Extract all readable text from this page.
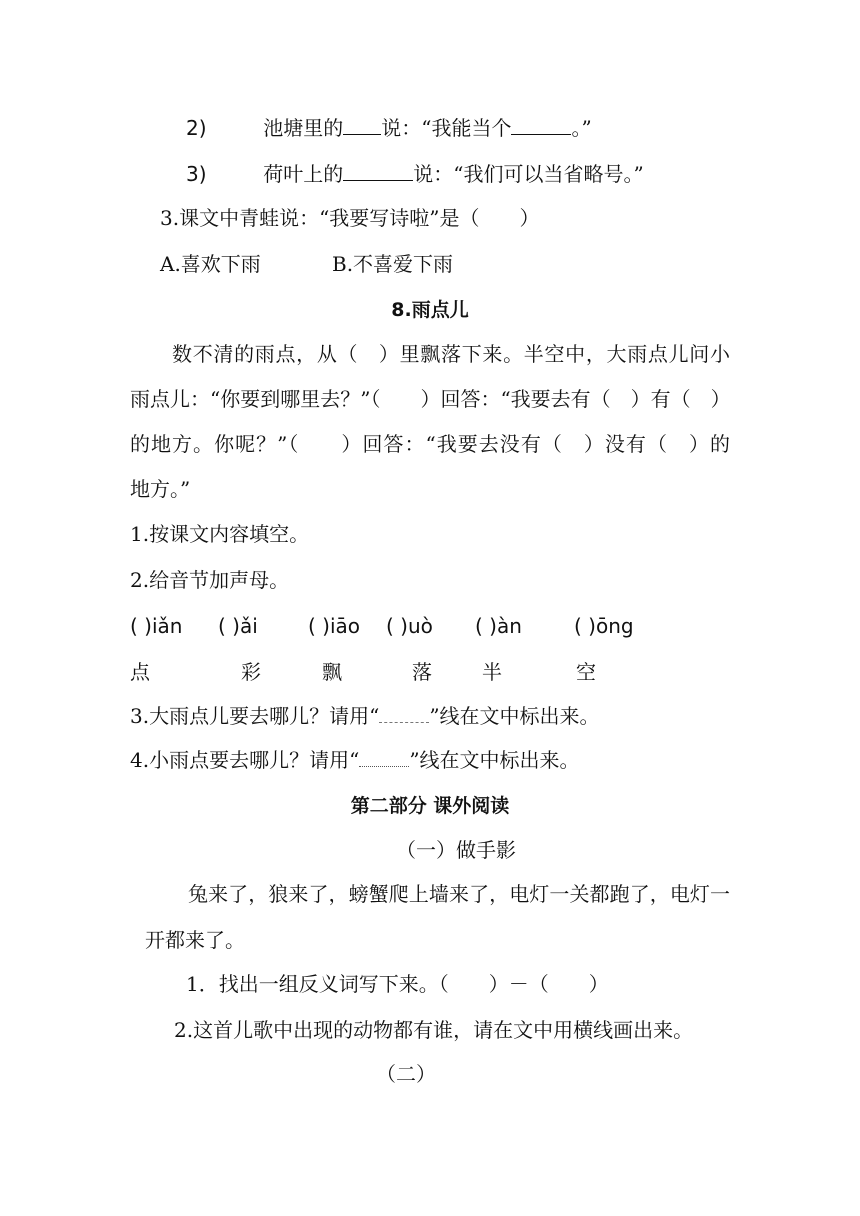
2)	池塘里的 说：“我能当个	。”
3)	荷叶上的	说：“我们可以当省略号。”
3.课文中青蛙说：“我要写诗啦”是（　　）
A.喜欢下雨	B.不喜爱下雨
8.雨点儿
数不清的雨点，从（　）里飘落下来。半空中，大雨点儿问小
雨点儿：“你要到哪里去？”（　　）回答：“我要去有（　）有（　）
的地方。你呢？”（　　）回答：“我要去没有（　）没有（　）的
地方。”
1.按课文内容填空。
2.给音节加声母。
( )iǎn ( )ǎi	( )iāo ( )uò ( )àn	( )ōng
点	彩	飘	落	半	空
3.大雨点儿要去哪儿？请用“	”线在文中标出来。
4.小雨点要去哪儿？请用“	”线在文中标出来。
第二部分 课外阅读
（一）做手影
兔来了，狼来了，螃蟹爬上墙来了，电灯一关都跑了，电灯一
开都来了。
1．找出一组反义词写下来。（　　）－（　　）
2.这首儿歌中出现的动物都有谁，请在文中用横线画出来。
（二）
